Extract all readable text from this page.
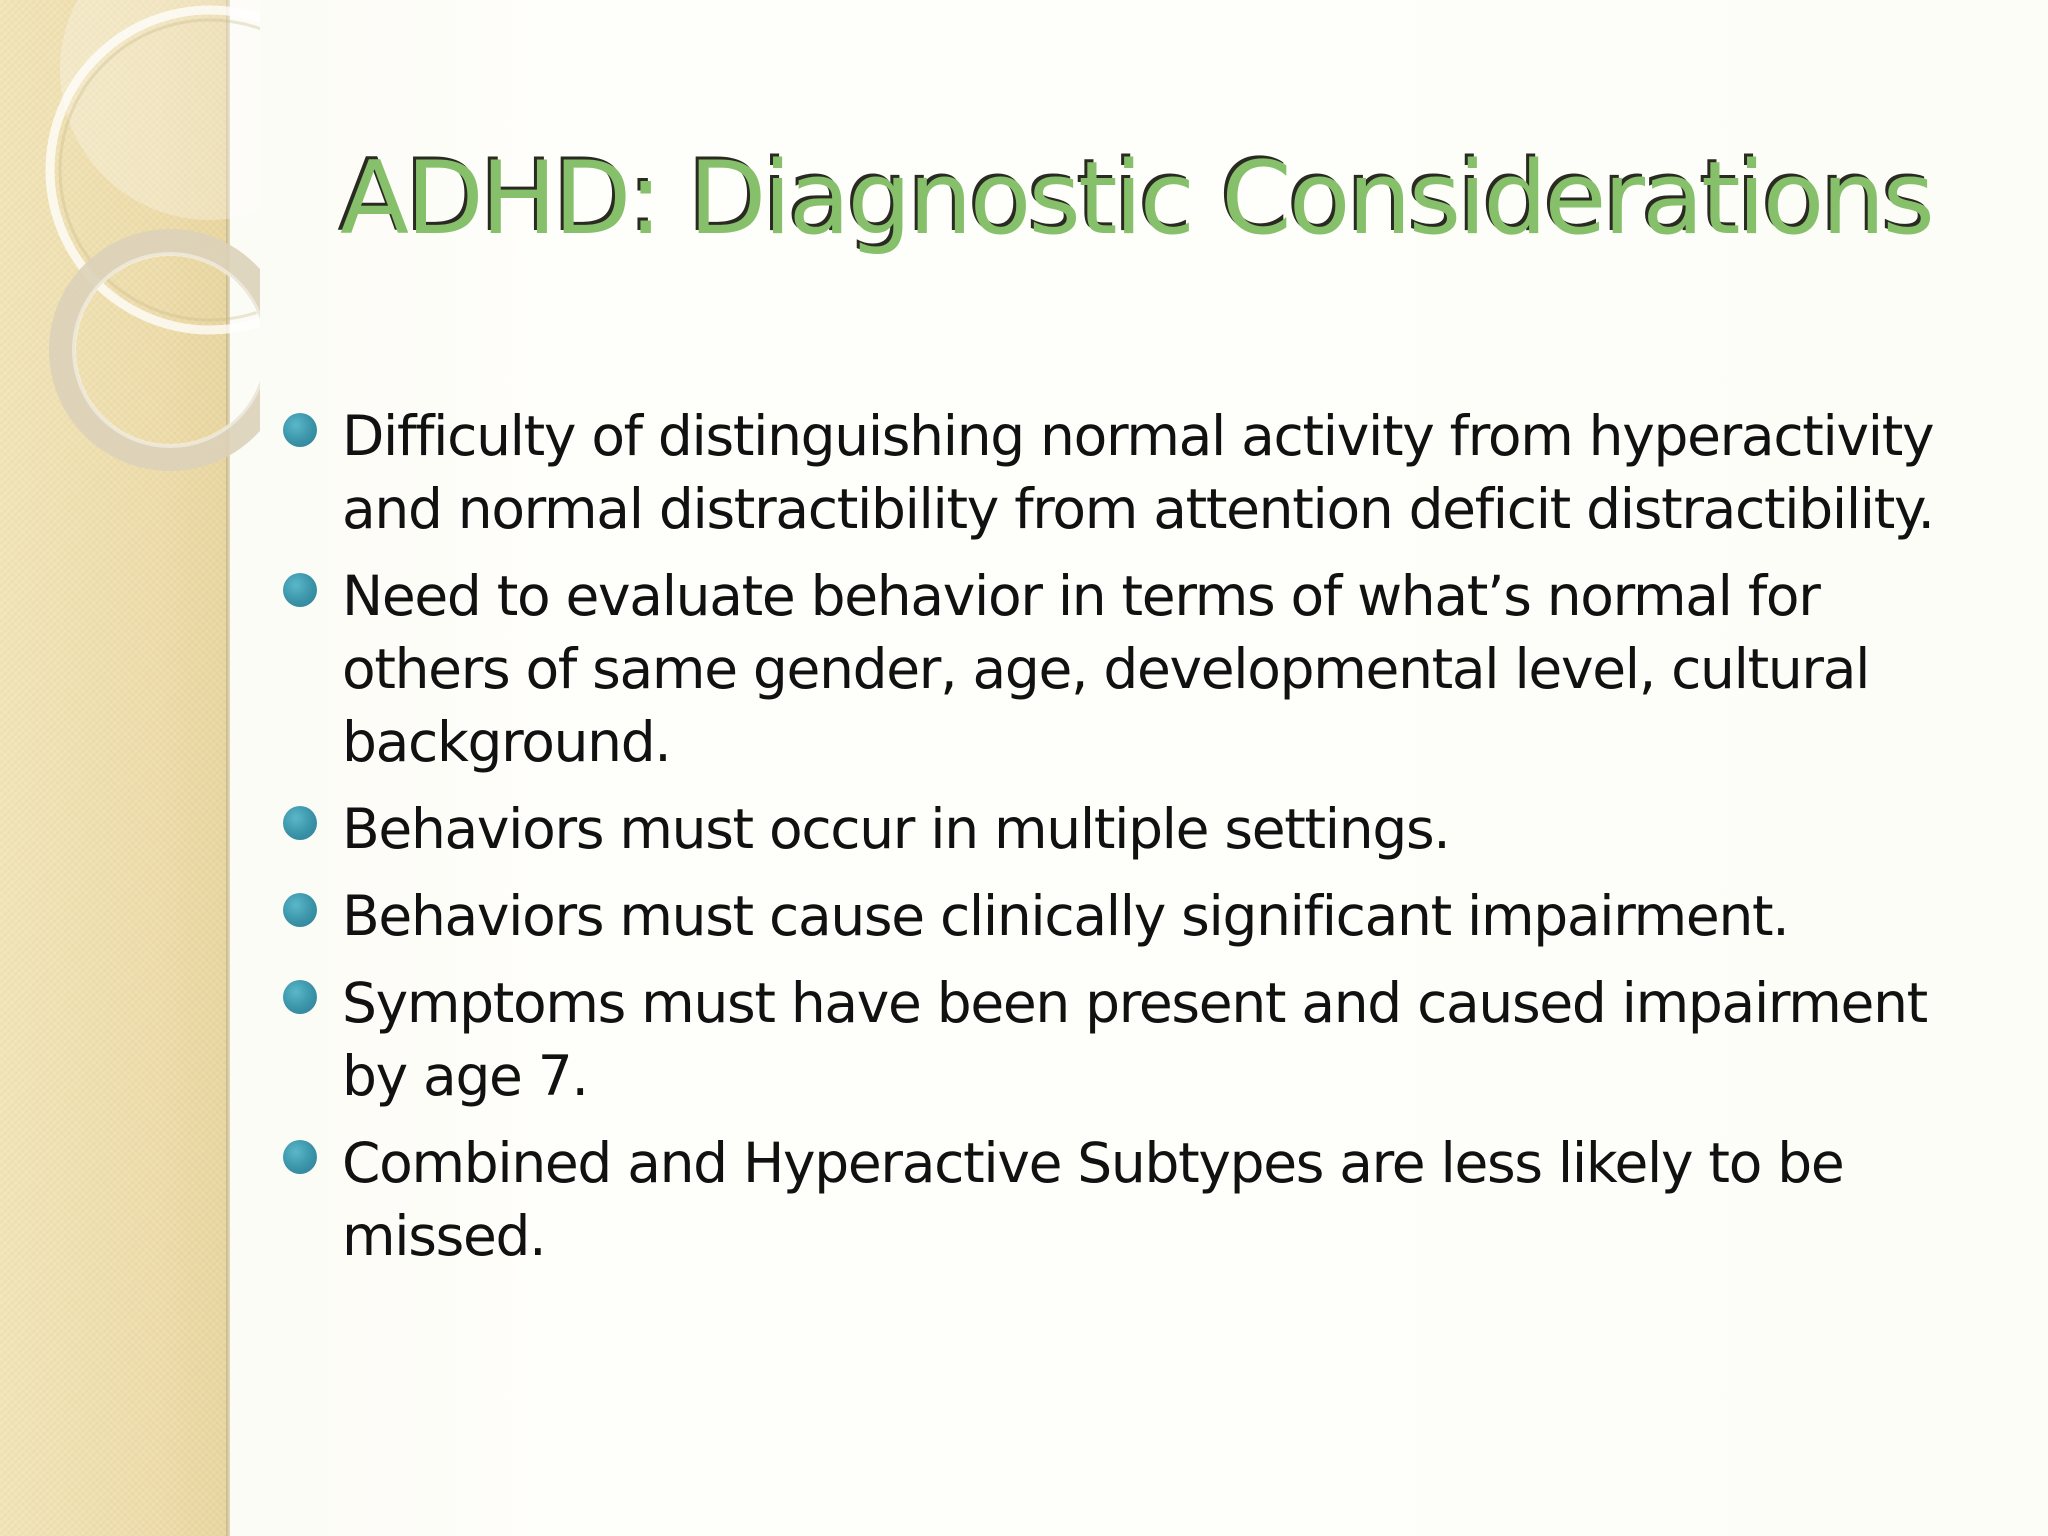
ADHD: Diagnostic Considerations
Difficulty of distinguishing normal activity from hyperactivity and normal distractibility from attention deficit distractibility.
Need to evaluate behavior in terms of what’s normal for others of same gender, age, developmental level, cultural background.
Behaviors must occur in multiple settings.
Behaviors must cause clinically significant impairment.
Symptoms must have been present and caused impairment by age 7.
Combined and Hyperactive Subtypes are less likely to be missed.
